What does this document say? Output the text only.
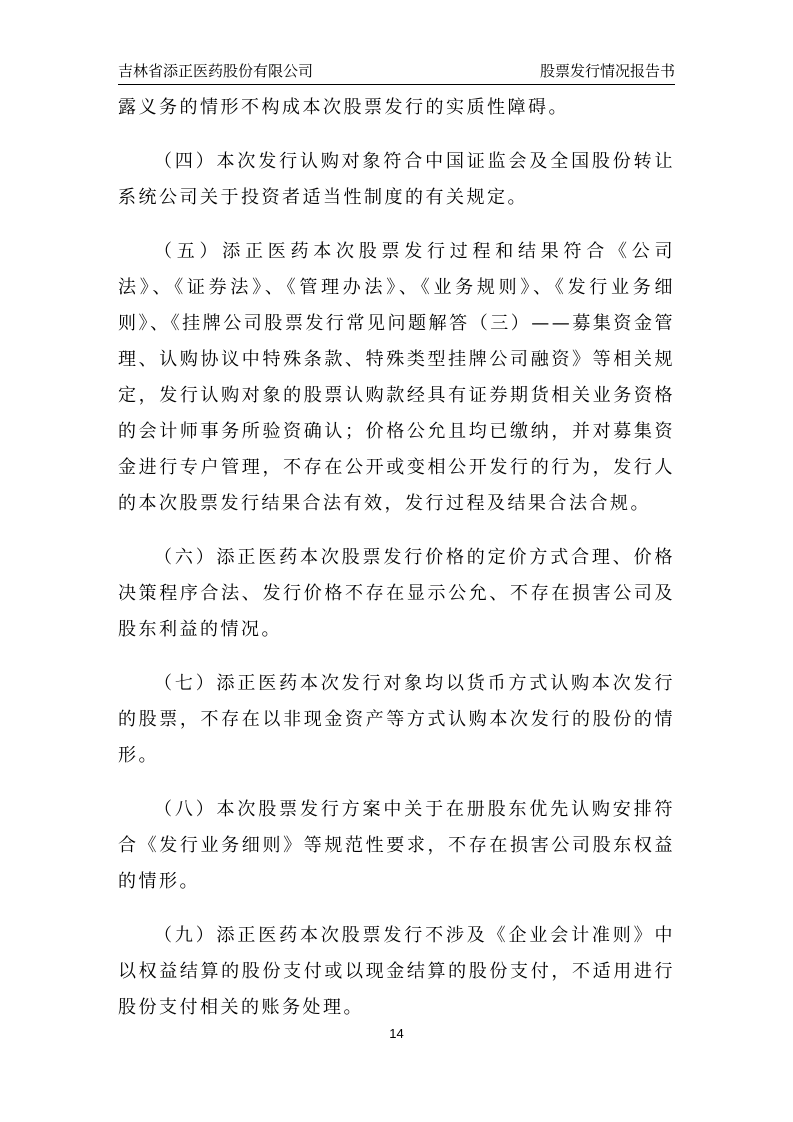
吉林省添正医药股份有限公司	股票发行情况报告书

露义务的情形不构成本次股票发行的实质性障碍。

（四）本次发行认购对象符合中国证监会及全国股份转让系统公司关于投资者适当性制度的有关规定。

（五）添正医药本次股票发行过程和结果符合《公司法》、《证券法》、《管理办法》、《业务规则》、《发行业务细则》、《挂牌公司股票发行常见问题解答（三）——募集资金管理、认购协议中特殊条款、特殊类型挂牌公司融资》等相关规定，发行认购对象的股票认购款经具有证券期货相关业务资格的会计师事务所验资确认；价格公允且均已缴纳，并对募集资金进行专户管理，不存在公开或变相公开发行的行为，发行人的本次股票发行结果合法有效，发行过程及结果合法合规。

（六）添正医药本次股票发行价格的定价方式合理、价格决策程序合法、发行价格不存在显示公允、不存在损害公司及股东利益的情况。

（七）添正医药本次发行对象均以货币方式认购本次发行的股票，不存在以非现金资产等方式认购本次发行的股份的情形。

（八）本次股票发行方案中关于在册股东优先认购安排符合《发行业务细则》等规范性要求，不存在损害公司股东权益的情形。

（九）添正医药本次股票发行不涉及《企业会计准则》中以权益结算的股份支付或以现金结算的股份支付，不适用进行股份支付相关的账务处理。

14
